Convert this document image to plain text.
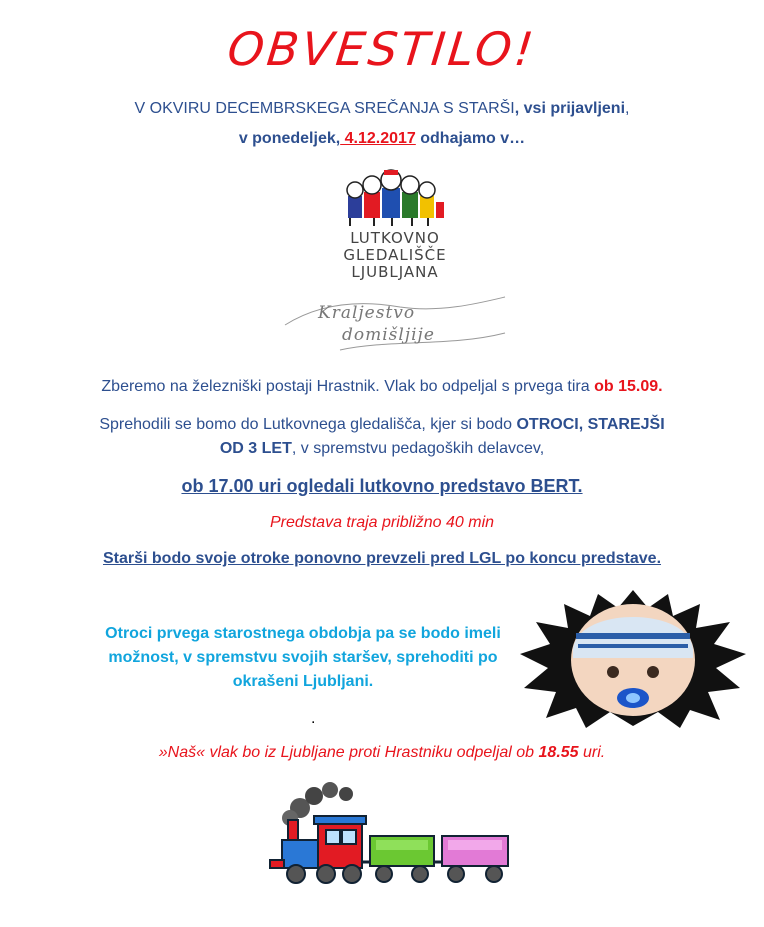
OBVESTILO!
V OKVIRU DECEMBRSKEGA SREČANJA S STARŠI, vsi prijavljeni,
v ponedeljek, 4.12.2017 odhajamo v…
LUTKOVNO
GLEDALIŠČE
LJUBLJANA
Kraljestvo
domišljije
Zberemo na železniški postaji Hrastnik. Vlak bo odpeljal s prvega tira ob 15.09.
Sprehodili se bomo do Lutkovnega gledališča, kjer si bodo OTROCI, STAREJŠI
OD 3 LET, v spremstvu pedagoških delavcev,
ob 17.00 uri ogledali lutkovno predstavo BERT.
Predstava traja približno 40 min
Starši bodo svoje otroke ponovno prevzeli pred LGL po koncu predstave.
Otroci prvega starostnega obdobja pa se bodo imeli
možnost, v spremstvu svojih staršev, sprehoditi po
okrašeni Ljubljani.
.
»Naš« vlak bo iz Ljubljane proti Hrastniku odpeljal ob 18.55 uri.
